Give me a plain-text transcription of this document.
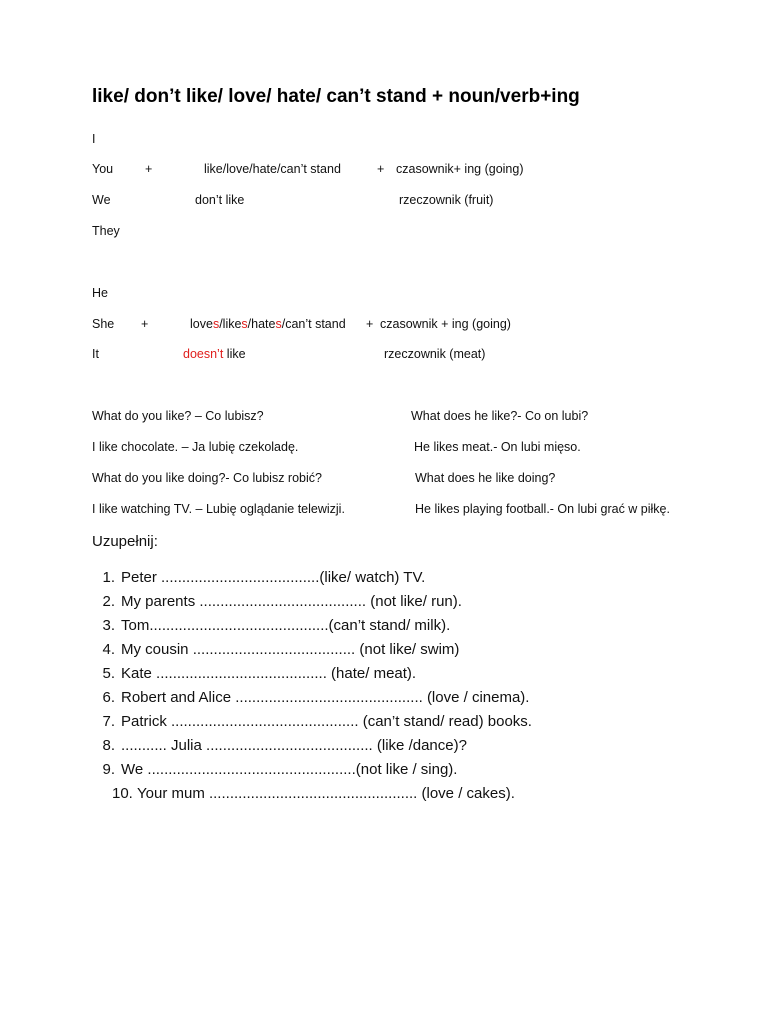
like/ don’t like/ love/ hate/ can’t stand + noun/verb+ing
I
You	+	like/love/hate/can’t stand	+ czasownik+ ing (going)
We	don’t like	rzeczownik (fruit)
They
He
She +	loves/likes/hates/can’t stand + czasownik + ing (going)
It	doesn’t like	rzeczownik (meat)
What do you like? – Co lubisz?	What does he like?- Co on lubi?
I like chocolate. – Ja lubię czekoladę.	He likes meat.- On lubi mięso.
What do you like doing?- Co lubisz robić?	What does he like doing?
I like watching TV. – Lubię oglądanie telewizji.	He likes playing football.- On lubi grać w piłkę.
Uzupełnij:
1. Peter ......................................(like/ watch) TV.
2. My parents ........................................ (not like/ run).
3. Tom...........................................(can’t stand/ milk).
4. My cousin ....................................... (not like/ swim)
5. Kate ......................................... (hate/ meat).
6. Robert and Alice ............................................. (love / cinema).
7. Patrick ............................................. (can’t stand/ read) books.
8. ........... Julia ........................................ (like /dance)?
9. We ..................................................(not like / sing).
10. Your mum .................................................. (love / cakes).
